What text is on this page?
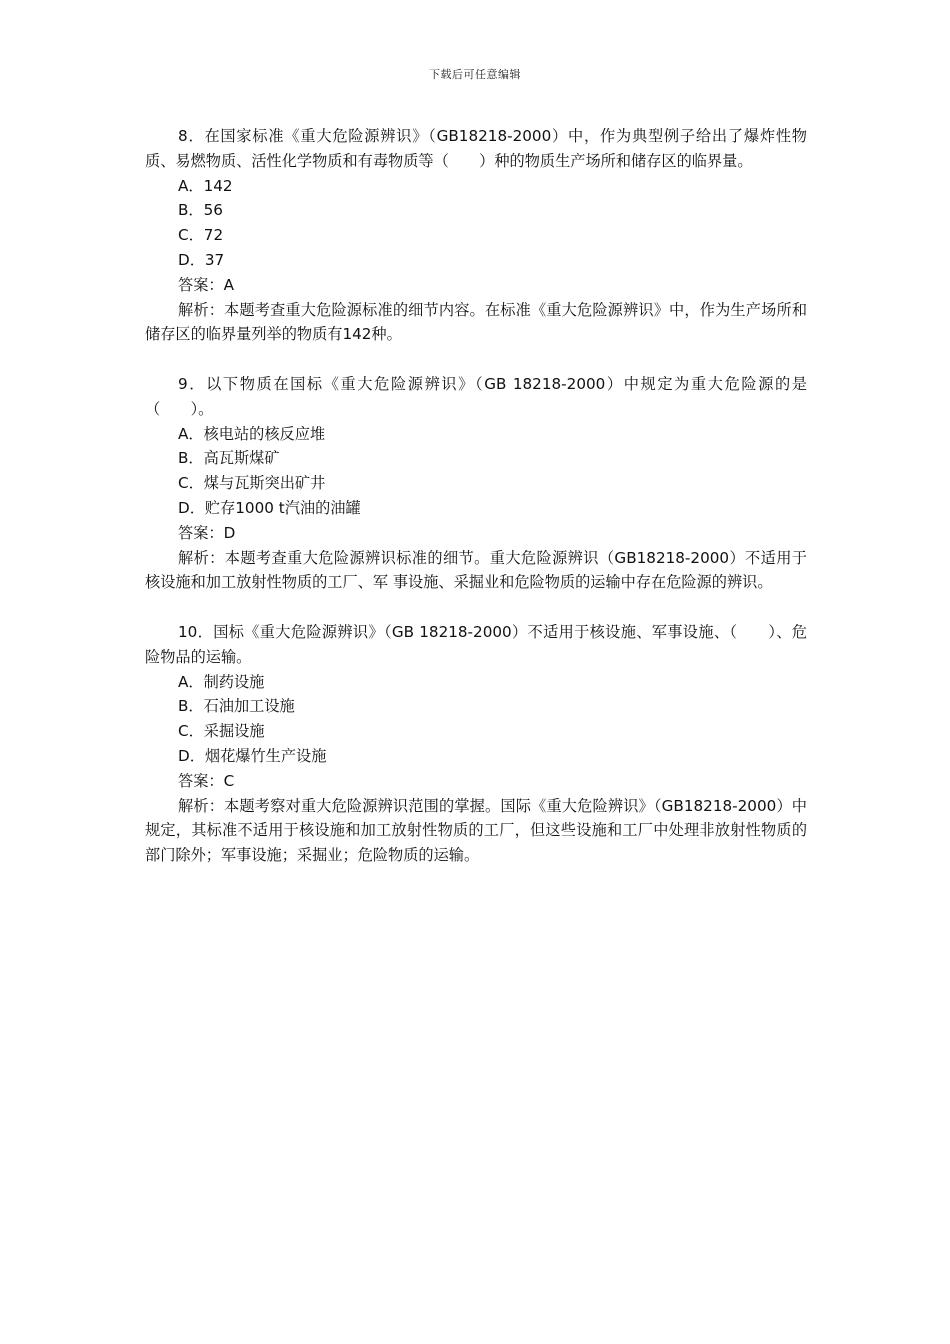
下载后可任意编辑

8．在国家标准《重大危险源辨识》（GB18218-2000）中，作为典型例子给出了爆炸性物质、易燃物质、活性化学物质和有毒物质等（　　）种的物质生产场所和储存区的临界量。

A．142

B．56

C．72

D．37

答案：A

解析：本题考查重大危险源标准的细节内容。在标准《重大危险源辨识》中，作为生产场所和储存区的临界量列举的物质有142种。

9．以下物质在国标《重大危险源辨识》（GB 18218-2000）中规定为重大危险源的是（　　）。

A．核电站的核反应堆

B．高瓦斯煤矿

C．煤与瓦斯突出矿井

D．贮存1000 t汽油的油罐

答案：D

解析：本题考查重大危险源辨识标准的细节。重大危险源辨识（GB18218-2000）不适用于核设施和加工放射性物质的工厂、军 事设施、采掘业和危险物质的运输中存在危险源的辨识。

10．国标《重大危险源辨识》（GB 18218-2000）不适用于核设施、军事设施、（　　）、危险物品的运输。

A．制药设施

B．石油加工设施

C．采掘设施

D．烟花爆竹生产设施

答案：C

解析：本题考察对重大危险源辨识范围的掌握。国际《重大危险辨识》（GB18218-2000）中规定，其标准不适用于核设施和加工放射性物质的工厂，但这些设施和工厂中处理非放射性物质的部门除外；军事设施；采掘业；危险物质的运输。
